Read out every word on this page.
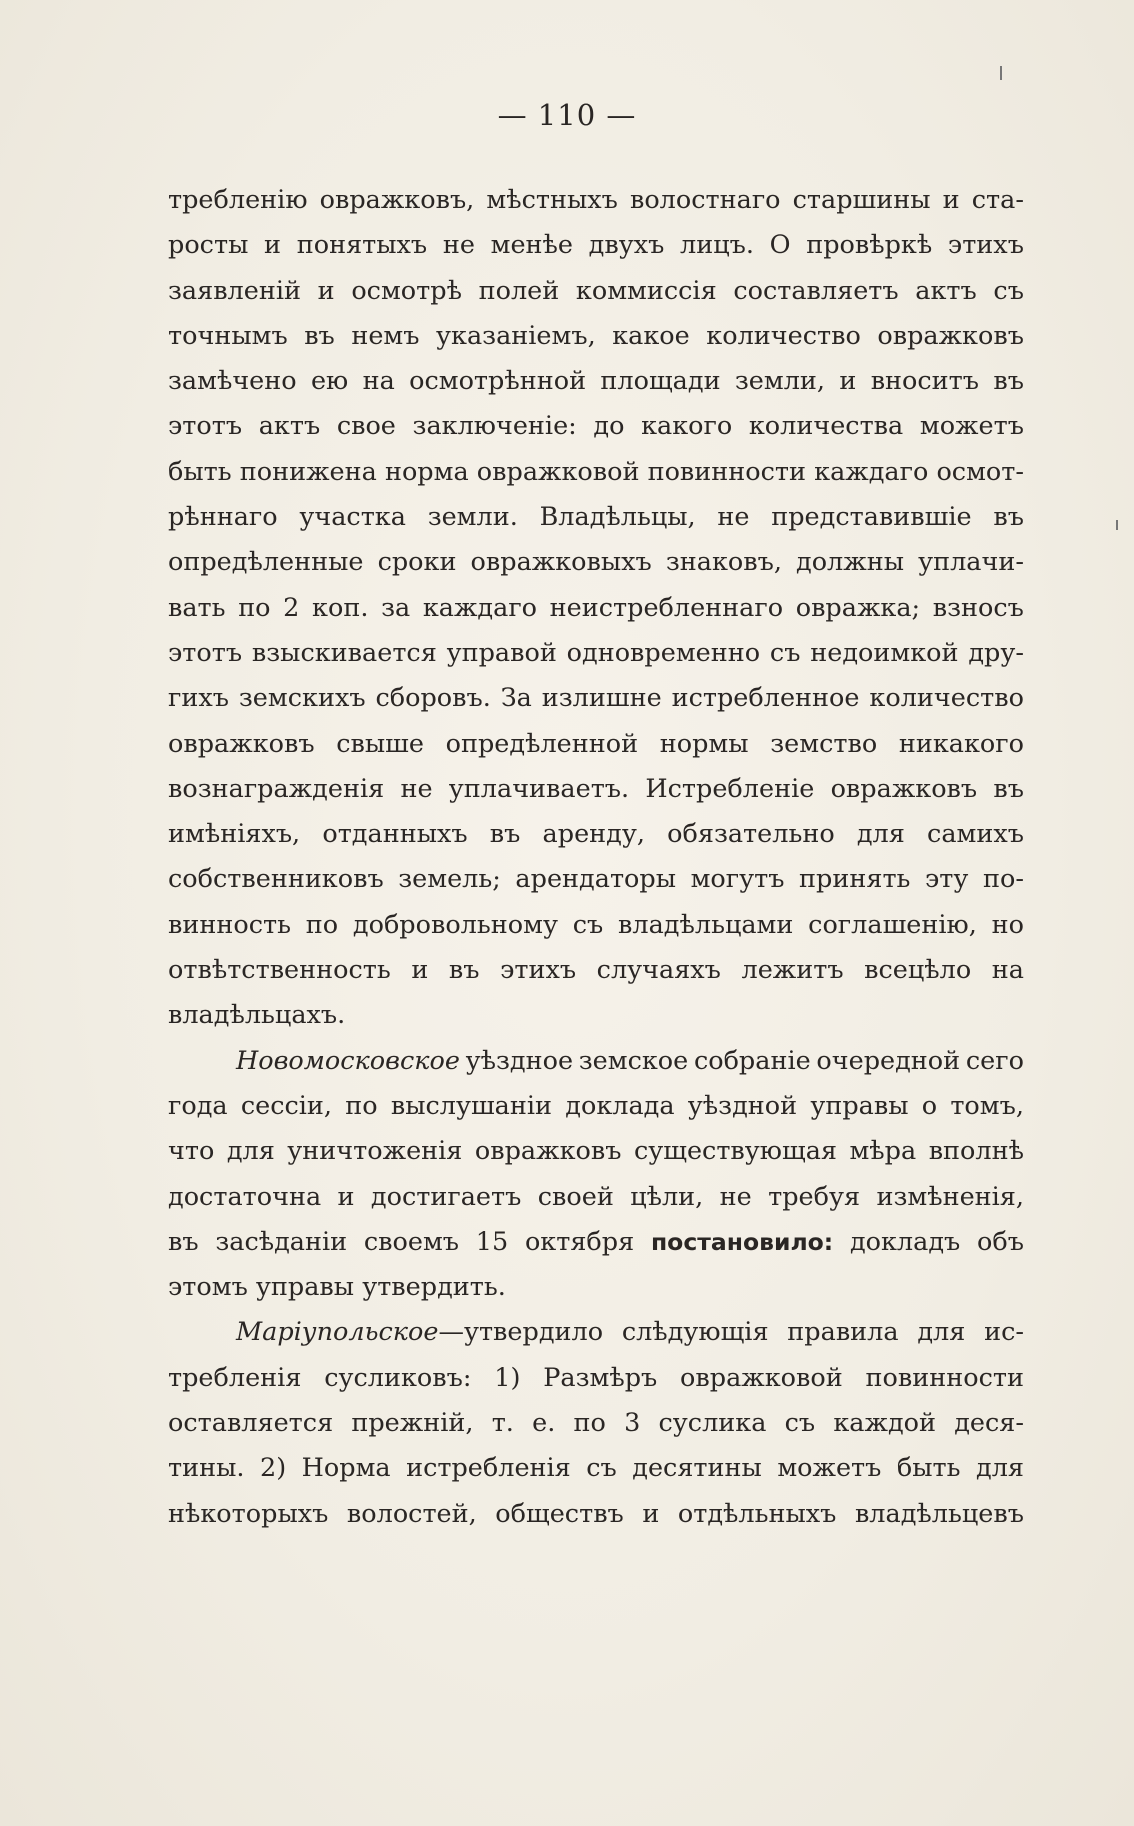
— 110 —
требленію овражковъ, мѣстныхъ волостнаго старшины и ста-
росты и понятыхъ не менѣе двухъ лицъ. О провѣркѣ этихъ
заявленій и осмотрѣ полей коммиссія составляетъ актъ съ
точнымъ въ немъ указаніемъ, какое количество овражковъ
замѣчено ею на осмотрѣнной площади земли, и вноситъ въ
этотъ актъ свое заключеніе: до какого количества можетъ
быть понижена норма овражковой повинности каждаго осмот-
рѣннаго участка земли. Владѣльцы, не представившіе въ
опредѣленные сроки овражковыхъ знаковъ, должны уплачи-
вать по 2 коп. за каждаго неистребленнаго овражка; взносъ
этотъ взыскивается управой одновременно съ недоимкой дру-
гихъ земскихъ сборовъ. За излишне истребленное количество
овражковъ свыше опредѣленной нормы земство никакого
вознагражденія не уплачиваетъ. Истребленіе овражковъ въ
имѣніяхъ, отданныхъ въ аренду, обязательно для самихъ
собственниковъ земель; арендаторы могутъ принять эту по-
винность по добровольному съ владѣльцами соглашенію, но
отвѣтственность и въ этихъ случаяхъ лежитъ всецѣло на
владѣльцахъ.
Новомосковское уѣздное земское собраніе очередной сего
года сессіи, по выслушаніи доклада уѣздной управы о томъ,
что для уничтоженія овражковъ существующая мѣра вполнѣ
достаточна и достигаетъ своей цѣли, не требуя измѣненія,
въ засѣданіи своемъ 15 октября постановило: докладъ объ
этомъ управы утвердить.
Маріупольское—утвердило слѣдующія правила для ис-
требленія сусликовъ: 1) Размѣръ овражковой повинности
оставляется прежній, т. е. по 3 суслика съ каждой деся-
тины. 2) Норма истребленія съ десятины можетъ быть для
нѣкоторыхъ волостей, обществъ и отдѣльныхъ владѣльцевъ
